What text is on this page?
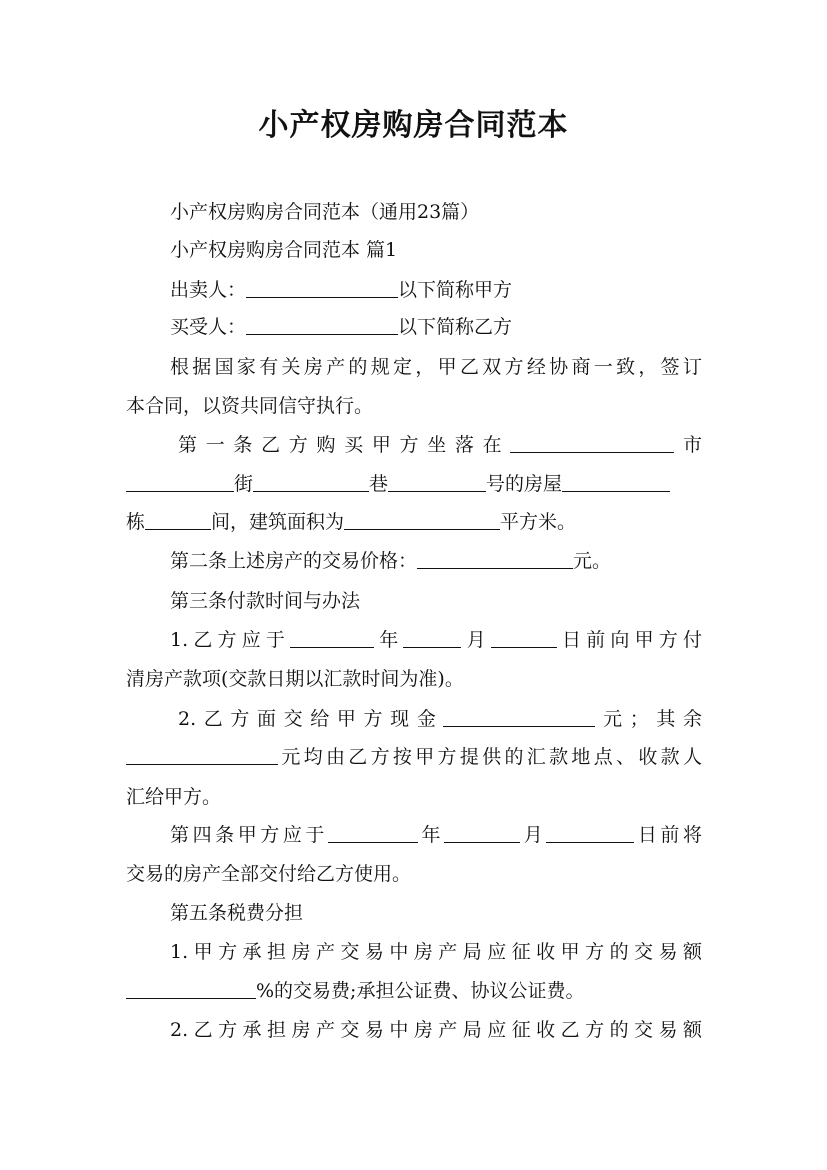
小产权房购房合同范本
小产权房购房合同范本（通用23篇）
小产权房购房合同范本 篇1
出卖人：	以下简称甲方
买受人：	以下简称乙方
根据国家有关房产的规定，甲乙双方经协商一致，签订
本合同，以资共同信守执行。
第一条乙方购买甲方坐落在	市
街	巷	号的房屋
栋	间，建筑面积为	平方米。
第二条上述房产的交易价格：	元。
第三条付款时间与办法
1.乙方应于	年	月	日前向甲方付
清房产款项(交款日期以汇款时间为准)。
2.乙方面交给甲方现金	元；其余
元均由乙方按甲方提供的汇款地点、收款人
汇给甲方。
第四条甲方应于	年	月	日前将
交易的房产全部交付给乙方使用。
第五条税费分担
1.甲方承担房产交易中房产局应征收甲方的交易额
%的交易费;承担公证费、协议公证费。
2.乙方承担房产交易中房产局应征收乙方的交易额
